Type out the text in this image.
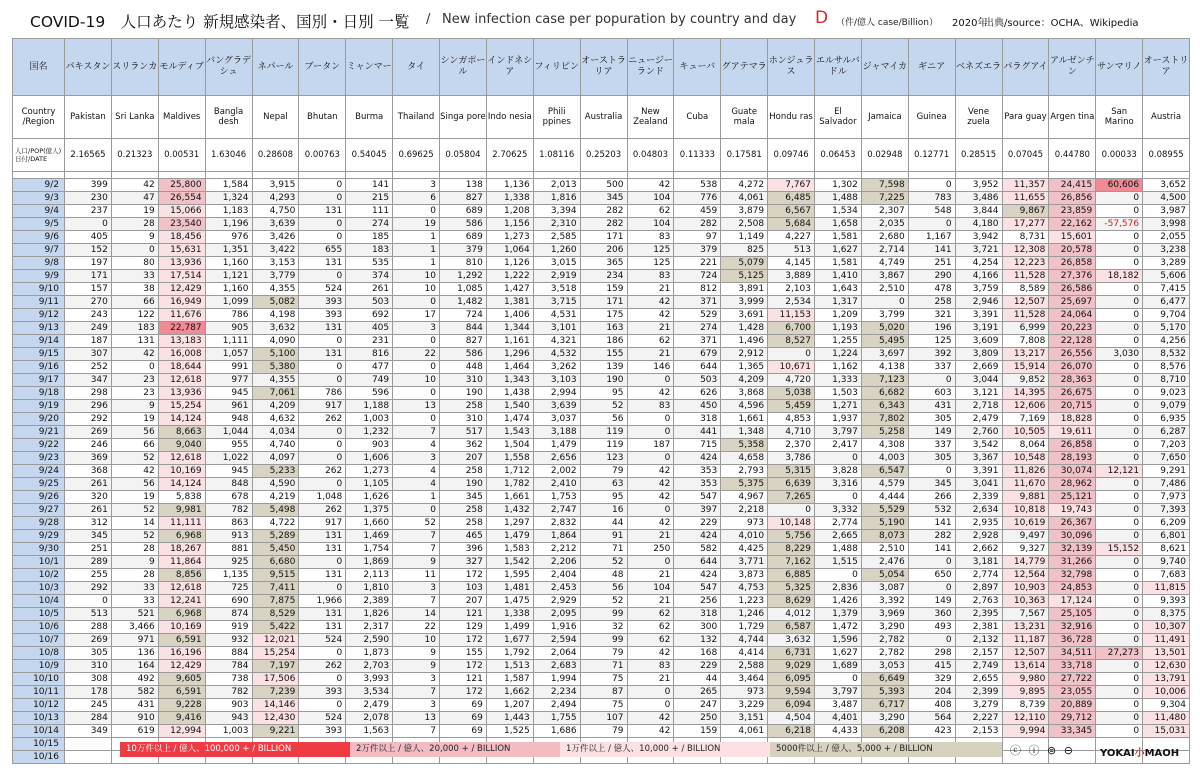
COVID-19　人口あたり 新規感染者、国別・日別 一覧 / New infection case per popuration by country and day D （件/億人 case/Billion） 2020年
出典/source：OCHA、Wikipedia
国名	パキスタン	スリランカ	モルディブ	バングラデシュ	ネパール	ブータン	ミャンマー	タイ	シンガポール	インドネシア	フィリピン	オーストラリア	ニュージーランド	キューバ	グアテマラ	ホンジュラス	エルサルバドル	ジャマイカ	ギニア	ベネズエラ	パラグアイ	アルゼンチン	サンマリノ	オーストリア
Country /Region	Pakistan	Sri Lanka	Maldives	Bangla desh	Nepal	Bhutan	Burma	Thailand	Singa pore	Indo nesia	Phili ppines	Australia	New Zealand	Cuba	Guate mala	Hondu ras	El Salvador	Jamaica	Guinea	Vene zuela	Para guay	Argen tina	San Marino	Austria
人口/POP(億人) 日付/DATE	2.16565	0.21323	0.00531	1.63046	0.28608	0.00763	0.54045	0.69625	0.05804	2.70625	1.08116	0.25203	0.04803	0.11333	0.17581	0.09746	0.06453	0.02948	0.12771	0.28515	0.07045	0.44780	0.00033	0.08955

9/2	399	42	25,800	1,584	3,915	0	141	3	138	1,136	2,013	500	42	538	4,272	7,767	1,302	7,598	0	3,952	11,357	24,415	60,606	3,652
9/3	230	47	26,554	1,324	4,293	0	215	6	827	1,338	1,816	345	104	776	4,061	6,485	1,488	7,225	783	3,486	11,655	26,856	0	4,500
9/4	237	19	15,066	1,183	4,750	131	111	0	689	1,208	3,394	282	62	459	3,879	6,567	1,534	2,307	548	3,844	9,867	23,859	0	3,987
9/5	0	28	23,540	1,196	3,639	0	274	19	586	1,156	2,310	282	104	282	2,508	5,684	1,658	2,035	0	4,180	17,277	22,162	-57,576	3,998
9/6	405	9	18,456	976	3,426	0	185	1	689	1,273	2,585	171	83	97	1,149	4,227	1,581	2,680	1,167	3,942	8,731	15,601	0	2,055
9/7	152	0	15,631	1,351	3,422	655	183	1	379	1,064	1,260	206	125	379	825	513	1,627	2,714	141	3,721	12,308	20,578	0	3,238
9/8	197	80	13,936	1,160	3,153	131	535	1	810	1,126	3,015	365	125	221	5,079	4,145	1,581	4,749	251	4,254	12,223	26,858	0	3,289
9/9	171	33	17,514	1,121	3,779	0	374	10	1,292	1,222	2,919	234	83	724	5,125	3,889	1,410	3,867	290	4,166	11,528	27,376	18,182	5,606
9/10	157	38	12,429	1,160	4,355	524	261	10	1,085	1,427	3,518	159	21	812	3,891	2,103	1,643	2,510	478	3,759	8,589	26,586	0	7,415
9/11	270	66	16,949	1,099	5,082	393	503	0	1,482	1,381	3,715	171	42	371	3,999	2,534	1,317	0	258	2,946	12,507	25,697	0	6,477
9/12	243	122	11,676	786	4,198	393	692	17	724	1,406	4,531	175	42	529	3,691	11,153	1,209	3,799	321	3,391	11,528	24,064	0	9,704
9/13	249	183	22,787	905	3,632	131	405	3	844	1,344	3,101	163	21	274	1,428	6,700	1,193	5,020	196	3,191	6,999	20,223	0	5,170
9/14	187	131	13,183	1,111	4,090	0	231	0	827	1,161	4,321	186	62	371	1,496	8,527	1,255	5,495	125	3,609	7,808	22,128	0	4,256
9/15	307	42	16,008	1,057	5,100	131	816	22	586	1,296	4,532	155	21	679	2,912	0	1,224	3,697	392	3,809	13,217	26,556	3,030	8,532
9/16	252	0	18,644	991	5,380	0	477	0	448	1,464	3,262	139	146	644	1,365	10,671	1,162	4,138	337	2,669	15,914	26,070	0	8,576
9/17	347	23	12,618	977	4,355	0	749	10	310	1,343	3,103	190	0	503	4,209	4,720	1,333	7,123	0	3,044	9,852	28,363	0	8,710
9/18	298	23	13,936	945	7,061	786	596	0	190	1,438	2,994	95	42	626	3,868	5,038	1,503	6,682	603	3,121	14,395	26,675	0	9,023
9/19	296	9	15,254	961	4,209	917	1,188	13	258	1,540	3,639	52	83	450	4,596	5,459	1,271	6,343	431	2,718	12,606	20,715	0	9,079
9/20	292	19	14,124	948	4,632	262	1,003	0	310	1,474	3,037	56	0	318	1,661	4,853	1,937	7,802	305	2,479	7,169	18,828	0	6,935
9/21	269	56	8,663	1,044	4,034	0	1,232	7	517	1,543	3,188	119	0	441	1,348	4,710	3,797	5,258	149	2,760	10,505	19,611	0	6,287
9/22	246	66	9,040	955	4,740	0	903	4	362	1,504	1,479	119	187	715	5,358	2,370	2,417	4,308	337	3,542	8,064	26,858	0	7,203
9/23	369	52	12,618	1,022	4,097	0	1,606	3	207	1,558	2,656	123	0	424	4,658	3,786	0	4,003	305	3,367	10,548	28,193	0	7,650
9/24	368	42	10,169	945	5,233	262	1,273	4	258	1,712	2,002	79	42	353	2,793	5,315	3,828	6,547	0	3,391	11,826	30,074	12,121	9,291
9/25	261	56	14,124	848	4,590	0	1,105	4	190	1,782	2,410	63	42	353	5,375	6,639	3,316	4,579	345	3,041	11,670	28,962	0	7,486
9/26	320	19	5,838	678	4,219	1,048	1,626	1	345	1,661	1,753	95	42	547	4,967	7,265	0	4,444	266	2,339	9,881	25,121	0	7,973
9/27	261	52	9,981	782	5,498	262	1,375	0	258	1,432	2,747	16	0	397	2,218	0	3,332	5,529	532	2,634	10,818	19,743	0	7,393
9/28	312	14	11,111	863	4,722	917	1,660	52	258	1,297	2,832	44	42	229	973	10,148	2,774	5,190	141	2,935	10,619	26,367	0	6,209
9/29	345	52	6,968	913	5,289	131	1,469	7	465	1,479	1,864	91	21	424	4,010	5,756	2,665	8,073	282	2,928	9,497	30,096	0	6,801
9/30	251	28	18,267	881	5,450	131	1,754	7	396	1,583	2,212	71	250	582	4,425	8,229	1,488	2,510	141	2,662	9,327	32,139	15,152	8,621
10/1	289	9	11,864	925	6,680	0	1,869	9	327	1,542	2,206	52	0	644	3,771	7,162	1,515	2,476	0	3,181	14,779	31,266	0	9,740
10/2	255	28	8,856	1,135	9,515	131	2,113	11	172	1,595	2,404	48	21	424	3,873	6,885	0	5,054	650	2,774	12,564	32,798	0	7,683
10/3	292	33	12,618	725	7,411	0	1,810	3	103	1,481	2,453	56	104	547	4,753	5,325	2,836	3,087	0	2,897	10,903	24,853	0	11,815
10/4	0	33	12,241	690	7,875	1,966	2,389	7	207	1,475	2,929	52	21	256	1,223	8,629	1,426	3,392	149	2,763	10,363	17,124	0	9,393
10/5	513	521	6,968	874	8,529	131	1,826	14	121	1,338	2,095	99	62	318	1,246	4,012	1,379	3,969	360	2,395	7,567	25,105	0	8,375
10/6	288	3,466	10,169	919	5,422	131	2,317	22	129	1,499	1,916	32	62	300	1,729	6,587	1,472	3,290	493	2,381	13,231	32,916	0	10,307
10/7	269	971	6,591	932	12,021	524	2,590	10	172	1,677	2,594	99	62	132	4,744	3,632	1,596	2,782	0	2,132	11,187	36,728	0	11,491
10/8	305	136	16,196	884	15,254	0	1,873	9	155	1,792	2,064	79	42	168	4,414	6,731	1,627	2,782	298	2,157	12,507	34,511	27,273	13,501
10/9	310	164	12,429	784	7,197	262	2,703	9	172	1,513	2,683	71	83	229	2,588	9,029	1,689	3,053	415	2,749	13,614	33,718	0	12,630
10/10	308	492	9,605	738	17,506	0	3,993	3	121	1,587	1,994	75	21	44	3,464	6,095	0	6,649	329	2,655	9,980	27,722	0	13,791
10/11	178	582	6,591	782	7,239	393	3,534	7	172	1,662	2,234	87	0	265	973	9,594	3,797	5,393	204	2,399	9,895	23,055	0	10,006
10/12	245	431	9,228	903	14,146	0	2,479	3	69	1,207	2,494	75	0	247	3,229	6,094	3,487	6,717	408	3,279	8,739	20,889	0	9,304
10/13	284	910	9,416	943	12,430	524	2,078	13	69	1,443	1,755	107	42	250	3,151	4,504	4,401	3,290	564	2,227	12,110	29,712	0	11,480
10/14	349	619	12,994	1,003	9,221	393	1,563	7	69	1,525	1,686	79	42	159	4,061	6,218	4,433	6,208	423	2,153	9,994	33,345	0	15,031
10/15																								
10/16																								
10万件以上 / 億人、100,000 + / BILLION	2万件以上 / 億人、20,000 + / BILLION	1万件以上 / 億人、10,000 + / BILLION	5000件以上 / 億人、5,000 + / BILLION	ⓒ ⓘ ⊜ ⊖	YOKAI小MAOH
